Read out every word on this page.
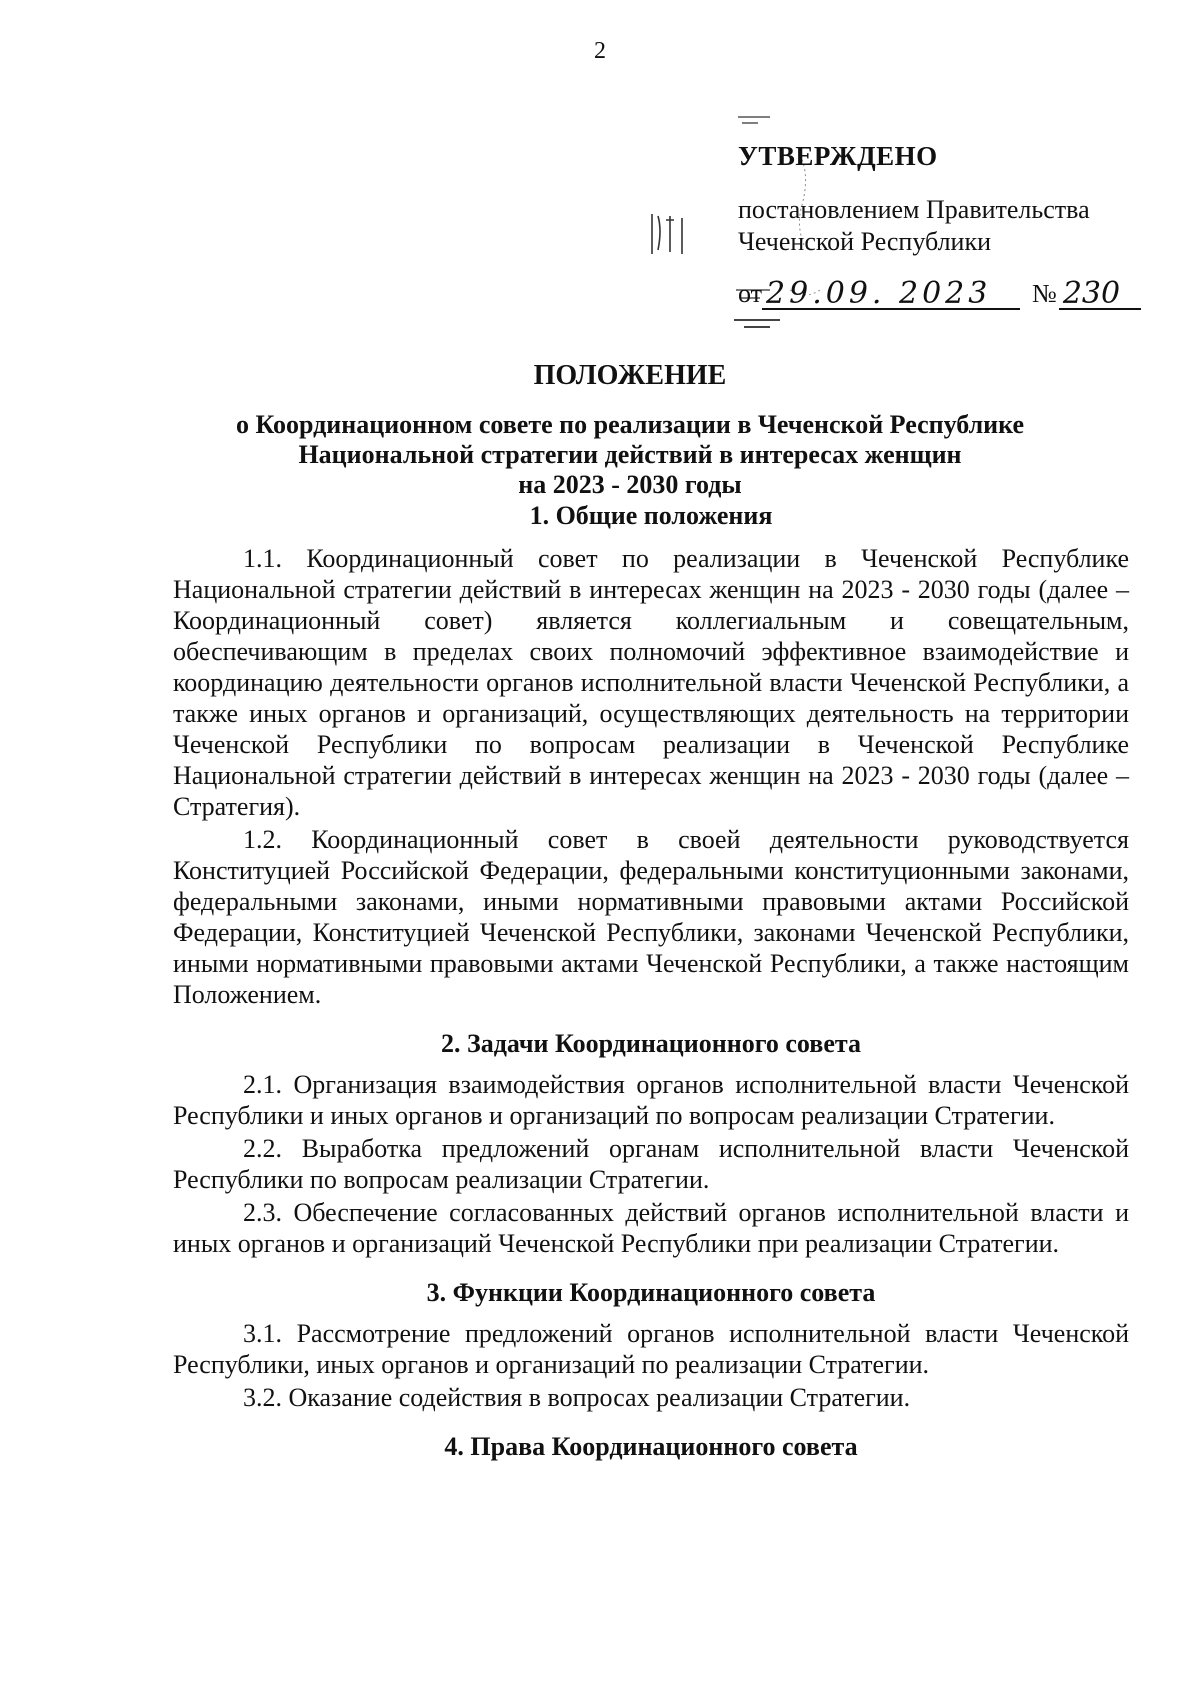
2
УТВЕРЖДЕНО
постановлением Правительства
Чеченской Республики
от 29.09. 2023	№ 230
ПОЛОЖЕНИЕ
о Координационном совете по реализации в Чеченской Республике
Национальной стратегии действий в интересах женщин
на 2023 - 2030 годы
1. Общие положения

1.1. Координационный совет по реализации в Чеченской Республике Национальной стратегии действий в интересах женщин на 2023 - 2030 годы (далее – Координационный совет) является коллегиальным и совещательным, обеспечивающим в пределах своих полномочий эффективное взаимодействие и координацию деятельности органов исполнительной власти Чеченской Республики, а также иных органов и организаций, осуществляющих деятельность на территории Чеченской Республики по вопросам реализации в Чеченской Республике Национальной стратегии действий в интересах женщин на 2023 - 2030 годы (далее – Стратегия).

1.2. Координационный совет в своей деятельности руководствуется Конституцией Российской Федерации, федеральными конституционными законами, федеральными законами, иными нормативными правовыми актами Российской Федерации, Конституцией Чеченской Республики, законами Чеченской Республики, иными нормативными правовыми актами Чеченской Республики, а также настоящим Положением.

2. Задачи Координационного совета

2.1. Организация взаимодействия органов исполнительной власти Чеченской Республики и иных органов и организаций по вопросам реализации Стратегии.

2.2. Выработка предложений органам исполнительной власти Чеченской Республики по вопросам реализации Стратегии.

2.3. Обеспечение согласованных действий органов исполнительной власти и иных органов и организаций Чеченской Республики при реализации Стратегии.

3. Функции Координационного совета

3.1. Рассмотрение предложений органов исполнительной власти Чеченской Республики, иных органов и организаций по реализации Стратегии.

3.2. Оказание содействия в вопросах реализации Стратегии.

4. Права Координационного совета
